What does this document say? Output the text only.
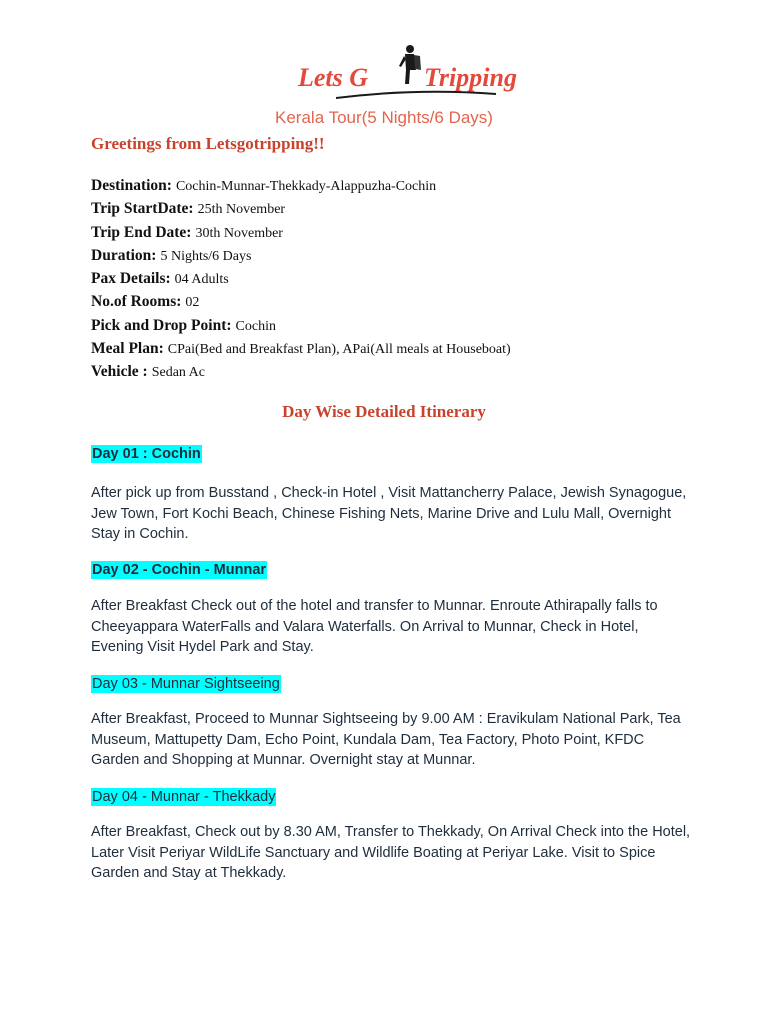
Lets G Tripping
Kerala Tour(5 Nights/6 Days)
Greetings from Letsgotripping!!
Destination: Cochin-Munnar-Thekkady-Alappuzha-Cochin
Trip StartDate: 25th November
Trip End Date: 30th November
Duration: 5 Nights/6 Days
Pax Details: 04 Adults
No.of Rooms: 02
Pick and Drop Point: Cochin
Meal Plan: CPai(Bed and Breakfast Plan), APai(All meals at Houseboat)
Vehicle : Sedan Ac
Day Wise Detailed Itinerary
Day 01 : Cochin
After pick up from Busstand , Check-in Hotel , Visit Mattancherry Palace, Jewish Synagogue, Jew Town, Fort Kochi Beach, Chinese Fishing Nets, Marine Drive and Lulu Mall, Overnight Stay in Cochin.
Day 02 - Cochin - Munnar
After Breakfast Check out of the hotel and transfer to Munnar. Enroute Athirapally falls to Cheeyappara WaterFalls and Valara Waterfalls. On Arrival to Munnar, Check in Hotel, Evening Visit Hydel Park and Stay.
Day 03 - Munnar Sightseeing
After Breakfast, Proceed to Munnar Sightseeing by 9.00 AM : Eravikulam National Park, Tea Museum, Mattupetty Dam, Echo Point, Kundala Dam, Tea Factory, Photo Point, KFDC Garden and Shopping at Munnar. Overnight stay at Munnar.
Day 04 - Munnar - Thekkady
After Breakfast, Check out by 8.30 AM, Transfer to Thekkady, On Arrival Check into the Hotel, Later Visit Periyar WildLife Sanctuary and Wildlife Boating at Periyar Lake. Visit to Spice Garden and Stay at Thekkady.
